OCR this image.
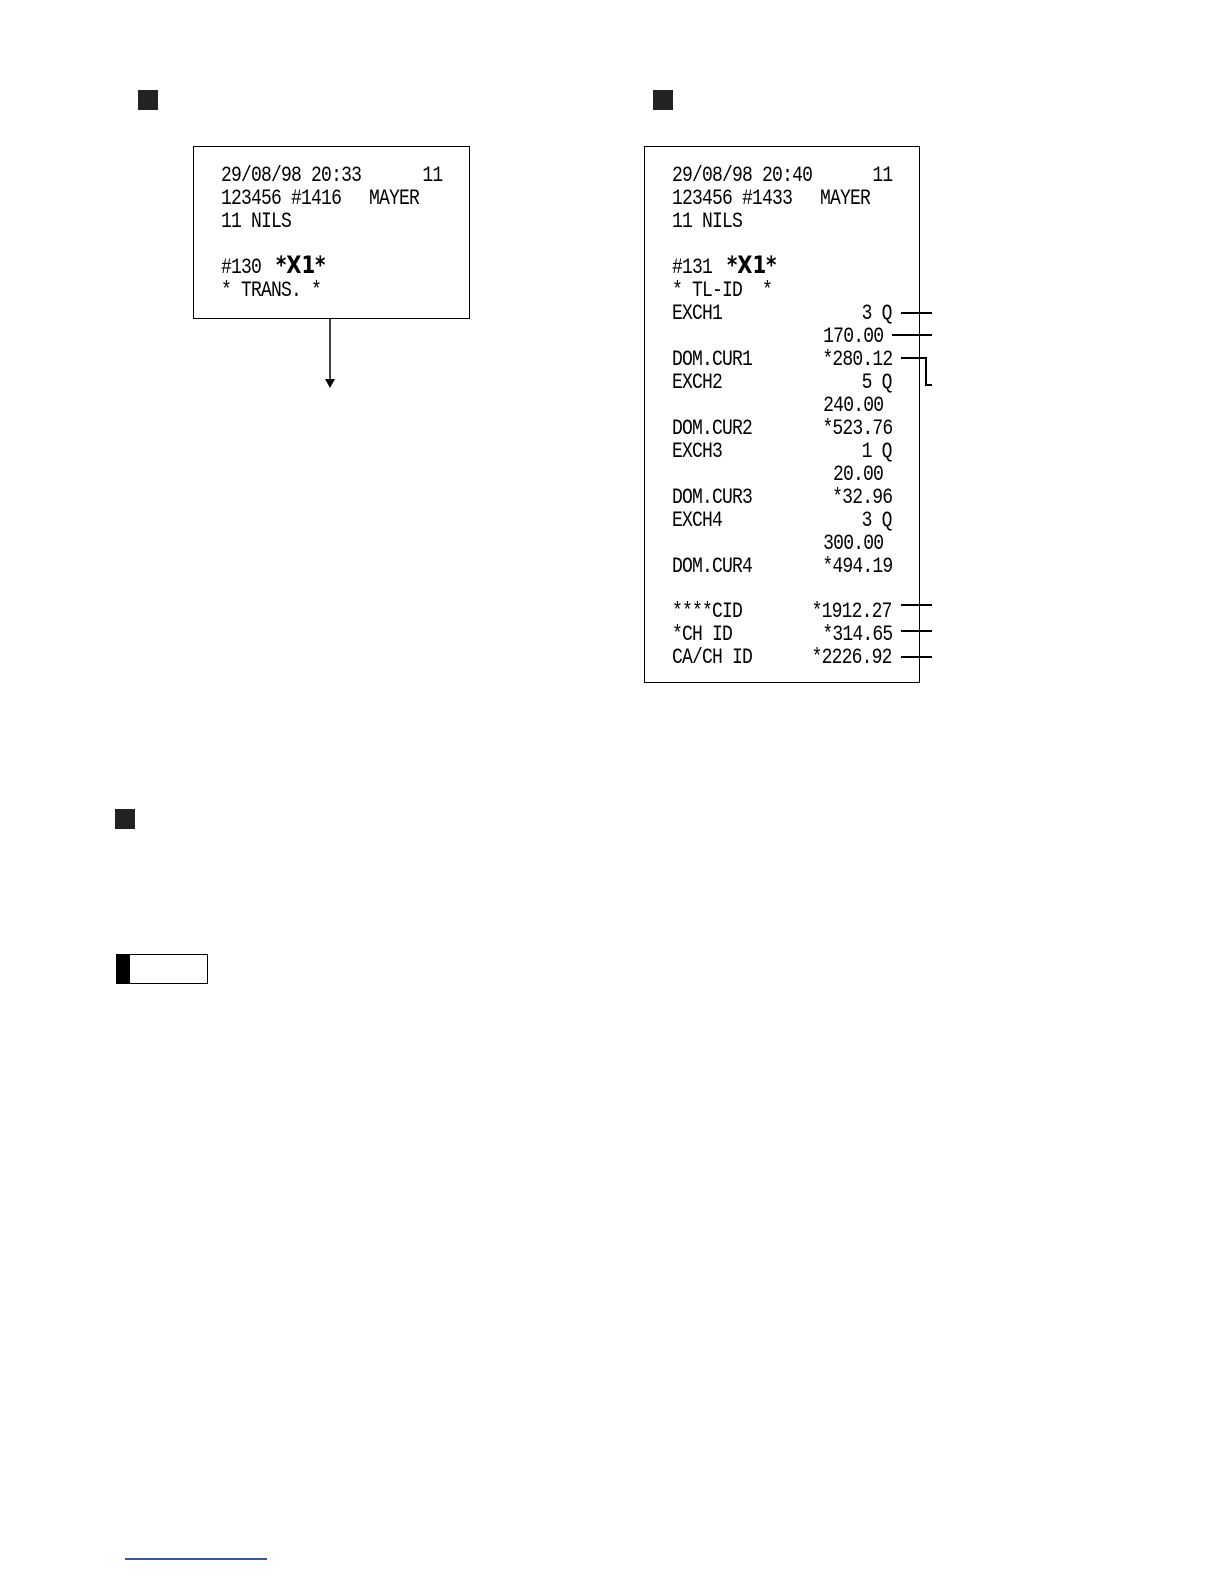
29/08/98 20:33	11
123456 #1416 MAYER
11 NILS
#130 *X1*
* TRANS. *
29/08/98 20:40	11
123456 #1433 MAYER
11 NILS
#131 *X1*
* TL-ID  *
EXCH1	3 Q
170.00
DOM.CUR1	*280.12
EXCH2	5 Q
240.00
DOM.CUR2	*523.76
EXCH3	1 Q
20.00
DOM.CUR3	*32.96
EXCH4	3 Q
300.00
DOM.CUR4	*494.19
****CID	*1912.27
*CH ID	*314.65
CA/CH ID	*2226.92
